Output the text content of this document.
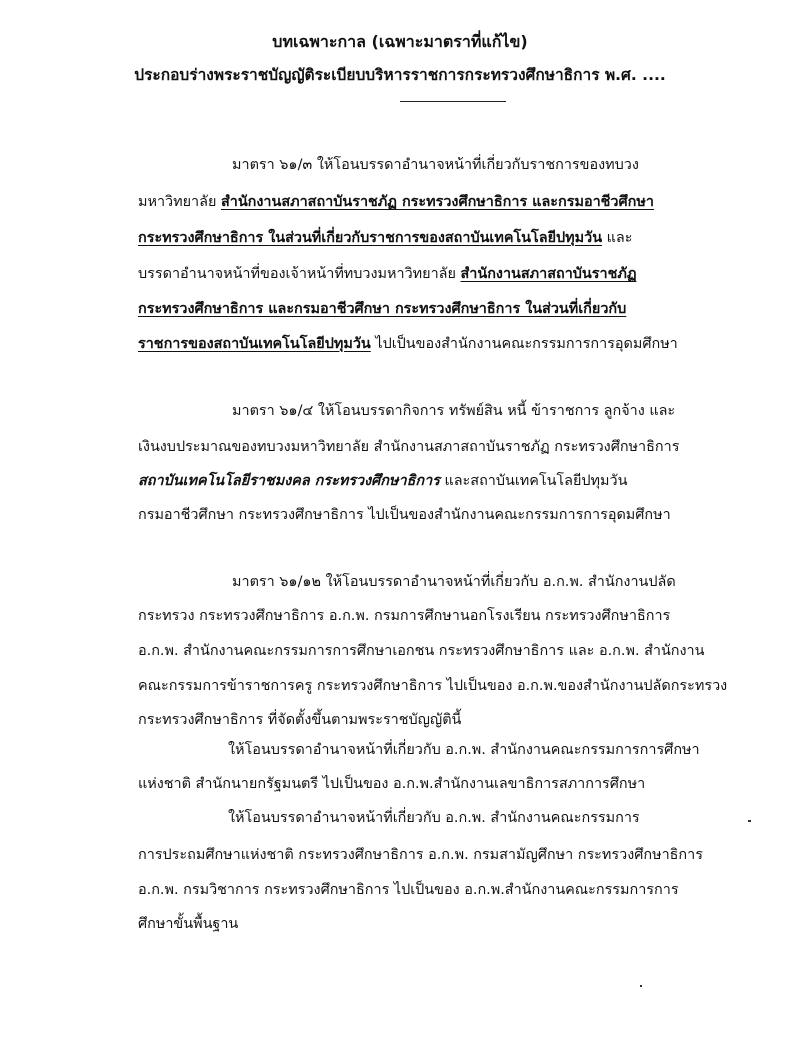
บทเฉพาะกาล (เฉพาะมาตราที่แก้ไข)
ประกอบร่างพระราชบัญญัติระเบียบบริหารราชการกระทรวงศึกษาธิการ พ.ศ. ....
มาตรา ๖๑/๓ ให้โอนบรรดาอำนาจหน้าที่เกี่ยวกับราชการของทบวง
มหาวิทยาลัย สำนักงานสภาสถาบันราชภัฏ กระทรวงศึกษาธิการ และกรมอาชีวศึกษา
กระทรวงศึกษาธิการ ในส่วนที่เกี่ยวกับราชการของสถาบันเทคโนโลยีปทุมวัน และ
บรรดาอำนาจหน้าที่ของเจ้าหน้าที่ทบวงมหาวิทยาลัย สำนักงานสภาสถาบันราชภัฏ
กระทรวงศึกษาธิการ และกรมอาชีวศึกษา กระทรวงศึกษาธิการ ในส่วนที่เกี่ยวกับ
ราชการของสถาบันเทคโนโลยีปทุมวัน ไปเป็นของสำนักงานคณะกรรมการการอุดมศึกษา
มาตรา ๖๑/๔ ให้โอนบรรดากิจการ ทรัพย์สิน หนี้ ข้าราชการ ลูกจ้าง และ
เงินงบประมาณของทบวงมหาวิทยาลัย สำนักงานสภาสถาบันราชภัฏ กระทรวงศึกษาธิการ
สถาบันเทคโนโลยีราชมงคล กระทรวงศึกษาธิการ และสถาบันเทคโนโลยีปทุมวัน
กรมอาชีวศึกษา กระทรวงศึกษาธิการ ไปเป็นของสำนักงานคณะกรรมการการอุดมศึกษา
มาตรา ๖๑/๑๒ ให้โอนบรรดาอำนาจหน้าที่เกี่ยวกับ อ.ก.พ. สำนักงานปลัด
กระทรวง กระทรวงศึกษาธิการ อ.ก.พ. กรมการศึกษานอกโรงเรียน กระทรวงศึกษาธิการ
อ.ก.พ. สำนักงานคณะกรรมการการศึกษาเอกชน กระทรวงศึกษาธิการ และ อ.ก.พ. สำนักงาน
คณะกรรมการข้าราชการครู กระทรวงศึกษาธิการ ไปเป็นของ อ.ก.พ.ของสำนักงานปลัดกระทรวง
กระทรวงศึกษาธิการ ที่จัดตั้งขึ้นตามพระราชบัญญัตินี้
ให้โอนบรรดาอำนาจหน้าที่เกี่ยวกับ อ.ก.พ. สำนักงานคณะกรรมการการศึกษา
แห่งชาติ สำนักนายกรัฐมนตรี ไปเป็นของ อ.ก.พ.สำนักงานเลขาธิการสภาการศึกษา
ให้โอนบรรดาอำนาจหน้าที่เกี่ยวกับ อ.ก.พ. สำนักงานคณะกรรมการ
การประถมศึกษาแห่งชาติ กระทรวงศึกษาธิการ อ.ก.พ. กรมสามัญศึกษา กระทรวงศึกษาธิการ
อ.ก.พ. กรมวิชาการ กระทรวงศึกษาธิการ ไปเป็นของ อ.ก.พ.สำนักงานคณะกรรมการการ
ศึกษาขั้นพื้นฐาน
